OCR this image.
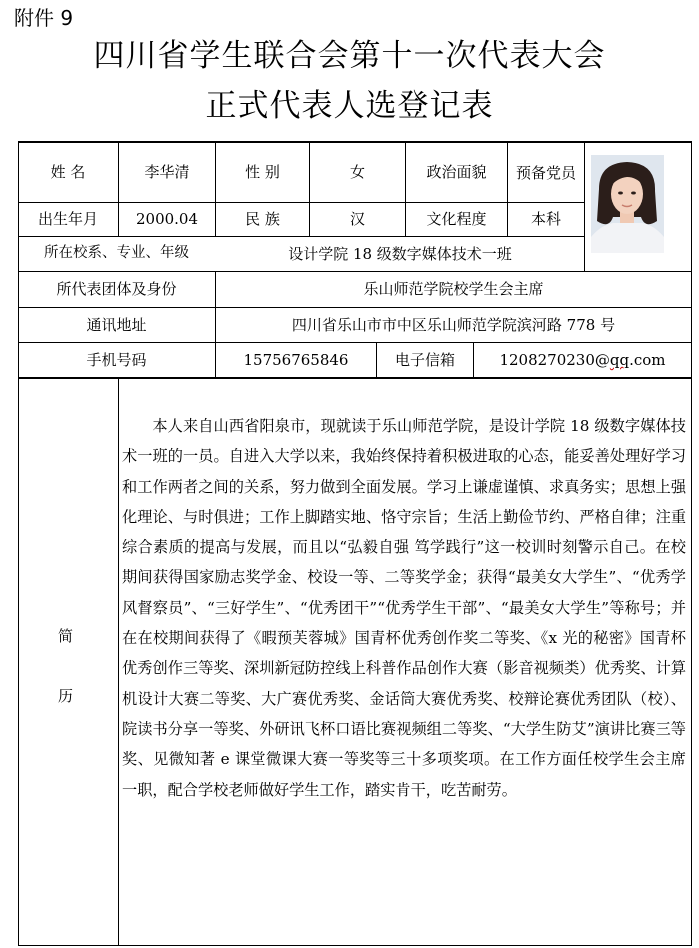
附件 9
四川省学生联合会第十一次代表大会
正式代表人选登记表
姓 名	李华清	性 别	女	政治面貌	预备党员
出生年月	2000.04	民 族	汉	文化程度	本科
所在校系、专业、年级	设计学院 18 级数字媒体技术一班
所代表团体及身份	乐山师范学院校学生会主席
通讯地址	四川省乐山市市中区乐山师范学院滨河路 778 号
手机号码	15756765846	电子信箱	1208270230@ qq .com
简
历

本人来自山西省阳泉市，现就读于乐山师范学院，是设计学院 18 级数字媒体技术一班的一员。自进入大学以来，我始终保持着积极进取的心态，能妥善处理好学习和工作两者之间的关系，努力做到全面发展。学习上谦虚谨慎、求真务实；思想上强化理论、与时俱进；工作上脚踏实地、恪守宗旨；生活上勤俭节约、严格自律；注重综合素质的提高与发展，而且以“弘毅自强 笃学践行”这一校训时刻警示自己。在校期间获得国家励志奖学金、校设一等、二等奖学金；获得“最美女大学生”、“优秀学风督察员”、“三好学生”、“优秀团干”“优秀学生干部”、“最美女大学生”等称号；并在在校期间获得了《暇预芙蓉城》国青杯优秀创作奖二等奖、《x 光的秘密》国青杯优秀创作三等奖、深圳新冠防控线上科普作品创作大赛（影音视频类）优秀奖、计算机设计大赛二等奖、大广赛优秀奖、金话筒大赛优秀奖、校辩论赛优秀团队（校）、院读书分享一等奖、外研讯飞杯口语比赛视频组二等奖、“大学生防艾”演讲比赛三等奖、见微知著 e 课堂微课大赛一等奖等三十多项奖项。在工作方面任校学生会主席一职，配合学校老师做好学生工作，踏实肯干，吃苦耐劳。
